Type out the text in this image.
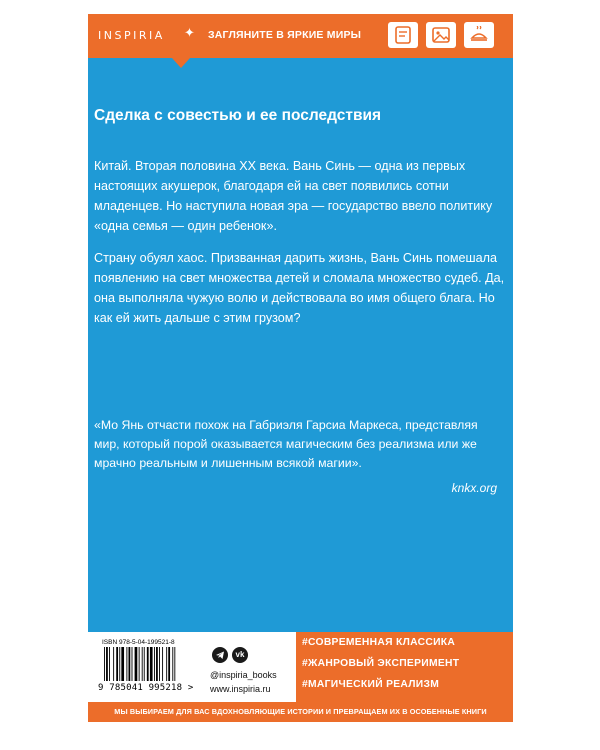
INSPIRIA ✦ ЗАГЛЯНИТЕ В ЯРКИЕ МИРЫ
Сделка с совестью и ее последствия

Китай. Вторая половина XX века. Вань Синь — одна из первых настоящих акушерок, благодаря ей на свет появились сотни младенцев. Но наступила новая эра — государство ввело политику «одна семья — один ребенок».

Страну обуял хаос. Призванная дарить жизнь, Вань Синь помешала появлению на свет множества детей и сломала множество судеб. Да, она выполняла чужую волю и действовала во имя общего блага. Но как ей жить дальше с этим грузом?

«Мо Янь отчасти похож на Габриэля Гарсиа Маркеса, представляя мир, который порой оказывается магическим без реализма или же мрачно реальным и лишенным всякой магии».

knkx.org
ISBN 978-5-04-199521-8
9 785041 995218 >
vk
@inspiria_books
www.inspiria.ru
#СОВРЕМЕННАЯ КЛАССИКА
#ЖАНРОВЫЙ ЭКСПЕРИМЕНТ
#МАГИЧЕСКИЙ РЕАЛИЗМ
МЫ ВЫБИРАЕМ ДЛЯ ВАС ВДОХНОВЛЯЮЩИЕ ИСТОРИИ И ПРЕВРАЩАЕМ ИХ В ОСОБЕННЫЕ КНИГИ
